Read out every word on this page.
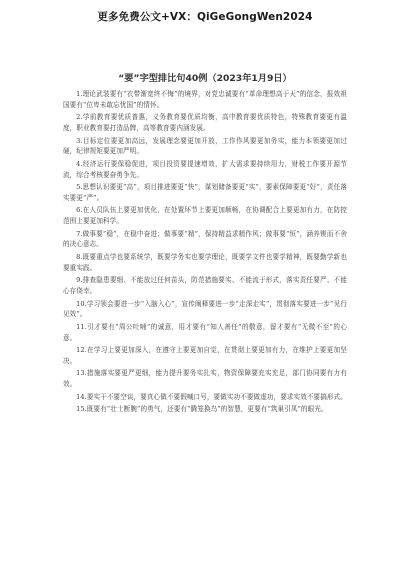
更多免费公文+VX：QiGeGongWen2024
“要”字型排比句40例（2023年1月9日）

1.理论武装要有“衣带渐宽终不悔”的境界，对党忠诚要有“革命理想高于天”的信念，报效祖国要有“位卑未敢忘忧国”的情怀。

2.学前教育要优质普惠，义务教育要优质均衡，高中教育要优质特色，特殊教育要更有温度，职业教育要打造品牌，高等教育要内涵发展。

3.目标定位要更加高远，发展理念要更加开放，工作作风要更加务实，能力本领要更加过硬，纪律规矩要更加严明。

4.经济运行要保稳促进，项目投资要提速增效，扩大需求要持续用力，财税工作要开源节流，综合考核要奋勇争先。

5.思想认识要更“高”，项目推进要更“快”，谋划储备要更“实”，要素保障要更“好”，责任落实要更“严”。

6.在人员队伍上要更加优化，在处置环节上要更加顺畅，在协调配合上要更加有力，在防控范围上要更加科学。

7.做事要“稳”，在稳中奋进；做事要“精”，保持精益求精作风；做事要“恒”，涵养锲而不舍的决心意志。

8.既要重点学也要系统学，既要学务实也要学理论，既要学文件也要学精神，既要勤学新也要重实践。

9.排查隐患要细、不能放过任何苗头，防范措施要实、不能流于形式，落实责任要严、不能心存侥幸。

10.学习领会要进一步“入脑入心”，宣传阐释要进一步“走深走实”，贯彻落实要进一步“见行见效”。

11.引才要有“周公吐哺”的诚意，用才要有“知人善任”的敬意，留才要有“无微不至”的心意。

12.在学习上要更加深入，在遵守上要更加自觉，在贯彻上要更加有力，在维护上要更加坚决。

13.措施落实要更严更细，能力提升要务实扎实，物资保障要充实充足，部门协同要有力有效。

14.要实干不要空谈，要真心做不要假喊口号，要做实功不要做虚功，要求实效不要搞形式。

15.既要有“壮士断腕”的勇气，还要有“腾笼换鸟”的智慧，更要有“筑巢引凤”的眼光。
